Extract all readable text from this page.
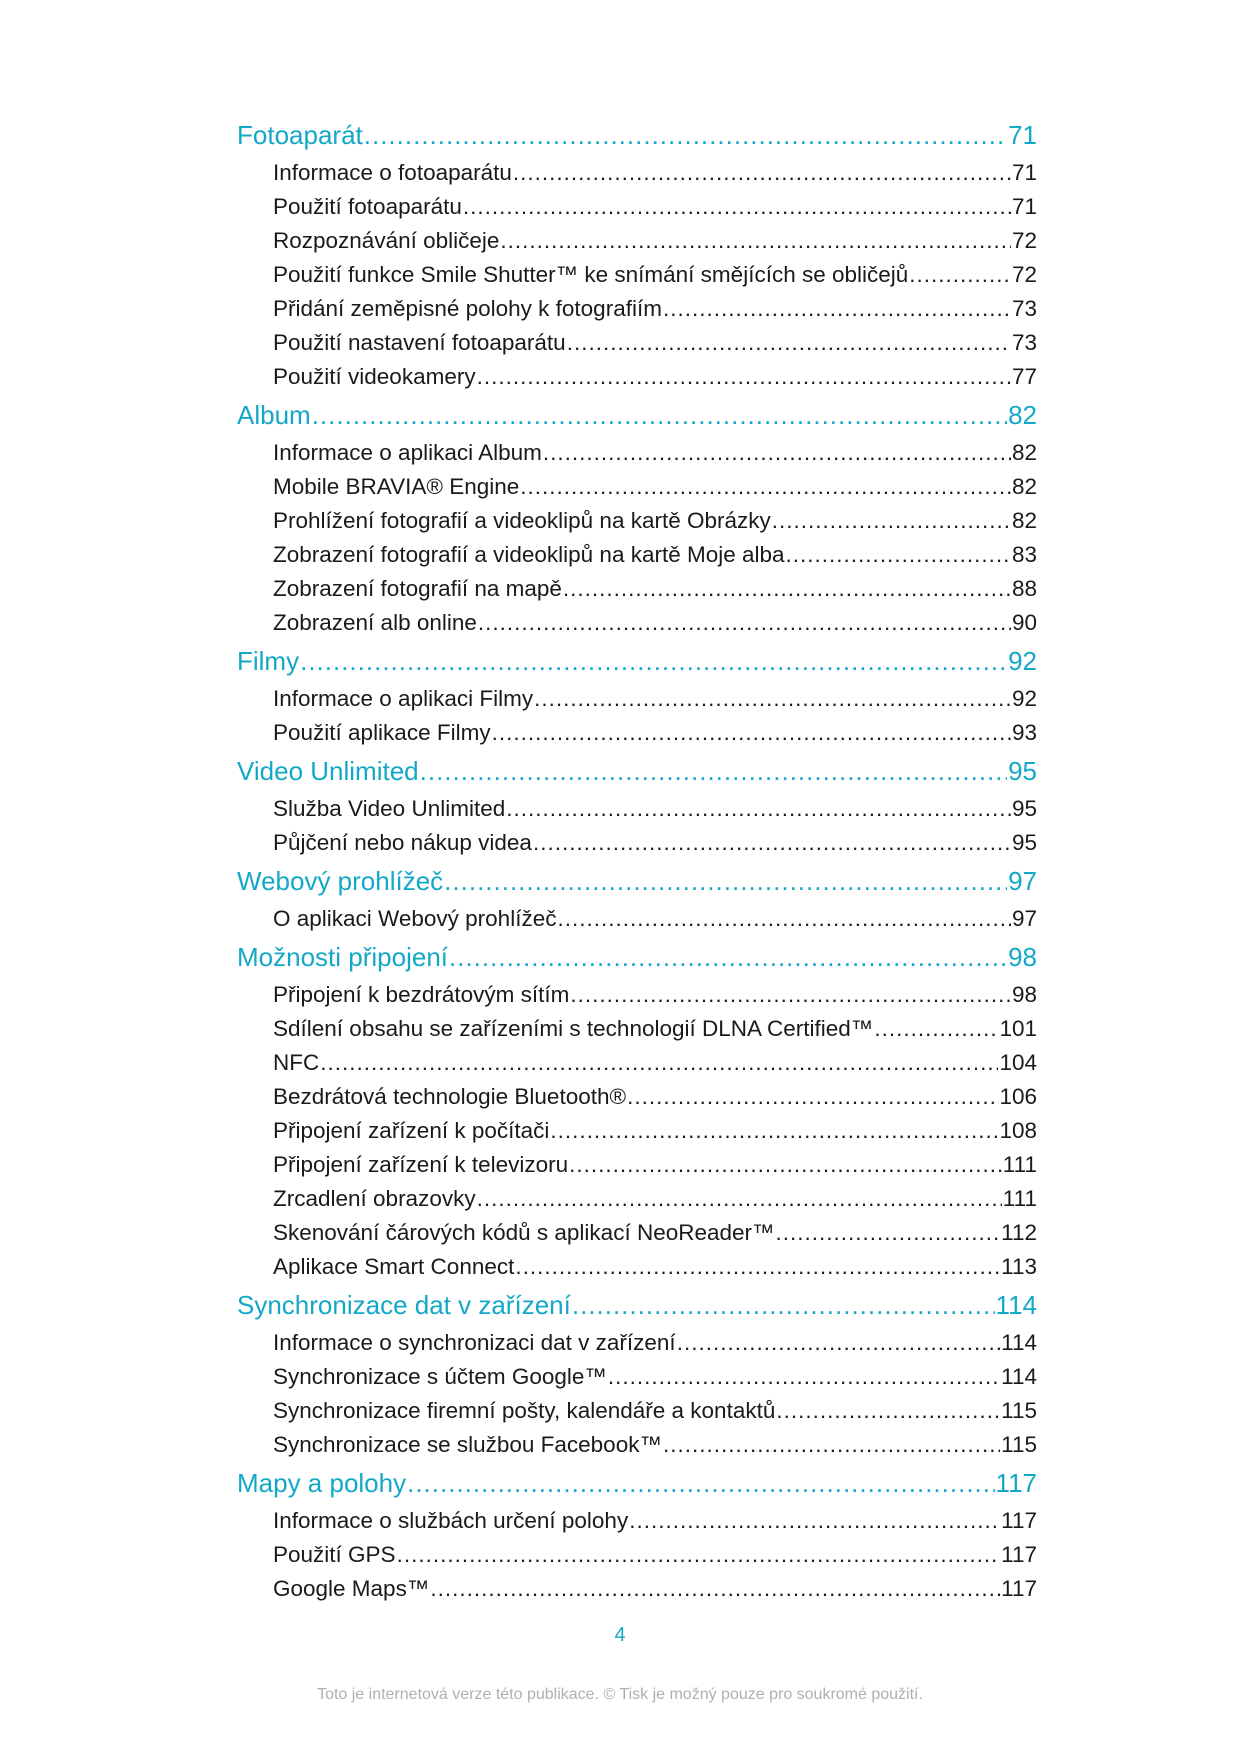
Fotoaparát .....	71
Informace o fotoaparátu .....	71
Použití fotoaparátu .....	71
Rozpoznávání obličeje .....	72
Použití funkce Smile Shutter™ ke snímání smějících se obličejů .....	72
Přidání zeměpisné polohy k fotografiím .....	73
Použití nastavení fotoaparátu .....	73
Použití videokamery .....	77
Album .....	82
Informace o aplikaci Album .....	82
Mobile BRAVIA® Engine .....	82
Prohlížení fotografií a videoklipů na kartě Obrázky .....	82
Zobrazení fotografií a videoklipů na kartě Moje alba .....	83
Zobrazení fotografií na mapě .....	88
Zobrazení alb online .....	90
Filmy .....	92
Informace o aplikaci Filmy .....	92
Použití aplikace Filmy .....	93
Video Unlimited .....	95
Služba Video Unlimited .....	95
Půjčení nebo nákup videa .....	95
Webový prohlížeč .....	97
O aplikaci Webový prohlížeč .....	97
Možnosti připojení .....	98
Připojení k bezdrátovým sítím .....	98
Sdílení obsahu se zařízeními s technologií DLNA Certified™ .....	101
NFC .....	104
Bezdrátová technologie Bluetooth® .....	106
Připojení zařízení k počítači .....	108
Připojení zařízení k televizoru .....	111
Zrcadlení obrazovky .....	111
Skenování čárových kódů s aplikací NeoReader™ .....	112
Aplikace Smart Connect .....	113
Synchronizace dat v zařízení .....	114
Informace o synchronizaci dat v zařízení .....	114
Synchronizace s účtem Google™ .....	114
Synchronizace firemní pošty, kalendáře a kontaktů .....	115
Synchronizace se službou Facebook™ .....	115
Mapy a polohy .....	117
Informace o službách určení polohy .....	117
Použití GPS .....	117
Google Maps™ .....	117
4
Toto je internetová verze této publikace. © Tisk je možný pouze pro soukromé použití.
